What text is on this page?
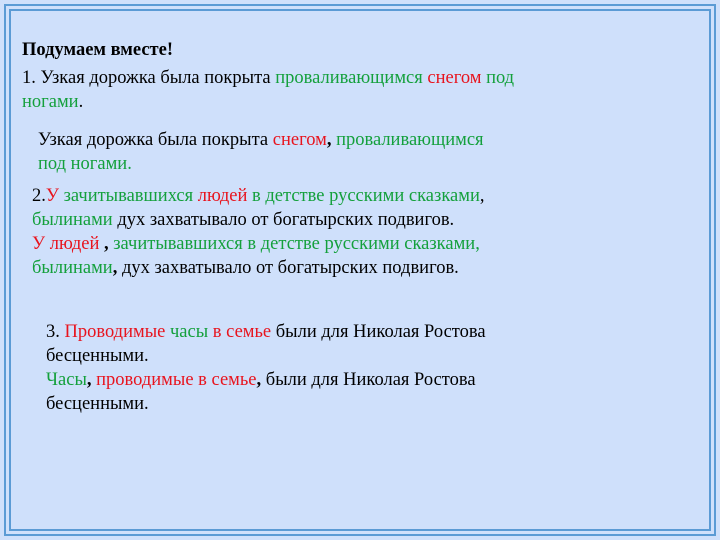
Подумаем вместе!
1. Узкая дорожка была покрыта проваливающимся снегом под
ногами.
Узкая дорожка была покрыта снегом, проваливающимся
под ногами.
2.У зачитывавшихся людей в детстве русскими сказками,
былинами дух захватывало от богатырских подвигов.
У людей , зачитывавшихся в детстве русскими сказками,
былинами, дух захватывало от богатырских подвигов.
3. Проводимые часы в семье были для Николая Ростова
бесценными.
Часы, проводимые в семье, были для Николая Ростова
бесценными.
